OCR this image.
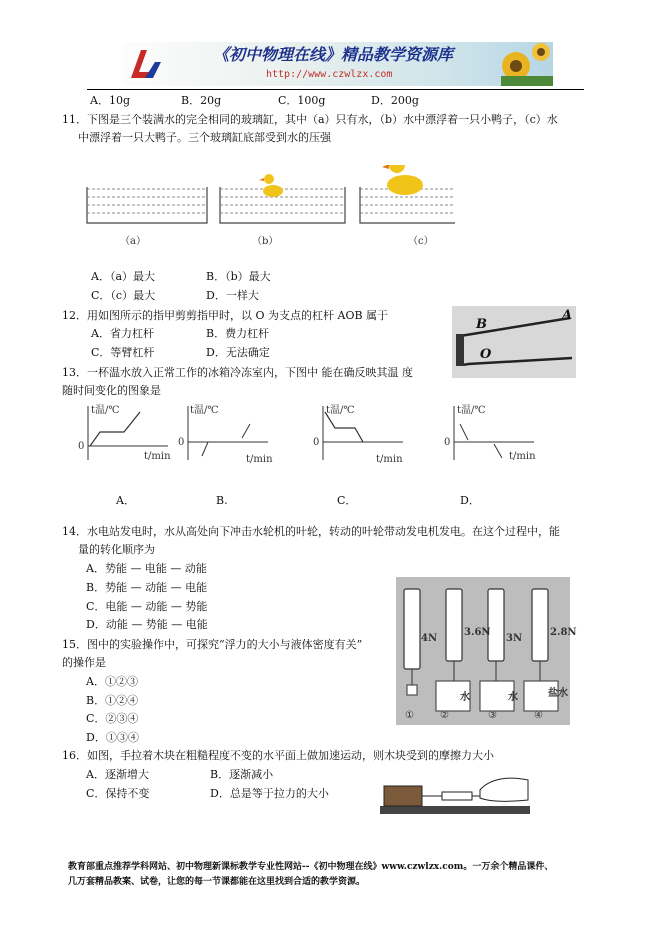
《初中物理在线》精品教学资源库
http://www.czwlzx.com
A．10g	B．20g	C．100g	D．200g
11．下图是三个装满水的完全相同的玻璃缸，其中（a）只有水，（b）水中漂浮着一只小鸭子，（c）水
中漂浮着一只大鸭子。三个玻璃缸底部受到水的压强
（a）	（b）	（c）
A．（a）最大	B．（b）最大
C．（c）最大	D．一样大
12．用如图所示的指甲剪剪指甲时，以 O 为支点的杠杆 AOB 属于
A．省力杠杆	B．费力杠杆
C．等臂杠杆	D．无法确定
B
A
O
13．一杯温水放入正常工作的冰箱冷冻室内，下图中 能在确反映其温 度
随时间变化的图象是
t温/℃	t温/℃	t温/℃	t温/℃
0	0	0	0
t/min	t/min	t/min	t/min
A．	B.	C．	D．
14．水电站发电时，水从高处向下冲击水轮机的叶轮，转动的叶轮带动发电机发电。在这个过程中，能
量的转化顺序为
A．势能 — 电能 — 动能
B．势能 — 动能 — 电能
C．电能 — 动能 — 势能
D．动能 — 势能 — 电能
4N
3.6N
3N
2.8N
水	水	盐水
①	②	③	④
15．图中的实验操作中，可探究“浮力的大小与液体密度有关”
的操作是
A．①②③
B．①②④
C．②③④
D．①③④
16．如图，手拉着木块在粗糙程度不变的水平面上做加速运动，则木块受到的摩擦力大小
A．逐渐增大	B．逐渐减小
C．保持不变	D．总是等于拉力的大小
教育部重点推荐学科网站、初中物理新课标教学专业性网站--《初中物理在线》www.czwlzx.com。一万余个精品课件、
几万套精品教案、试卷，让您的每一节课都能在这里找到合适的教学资源。
